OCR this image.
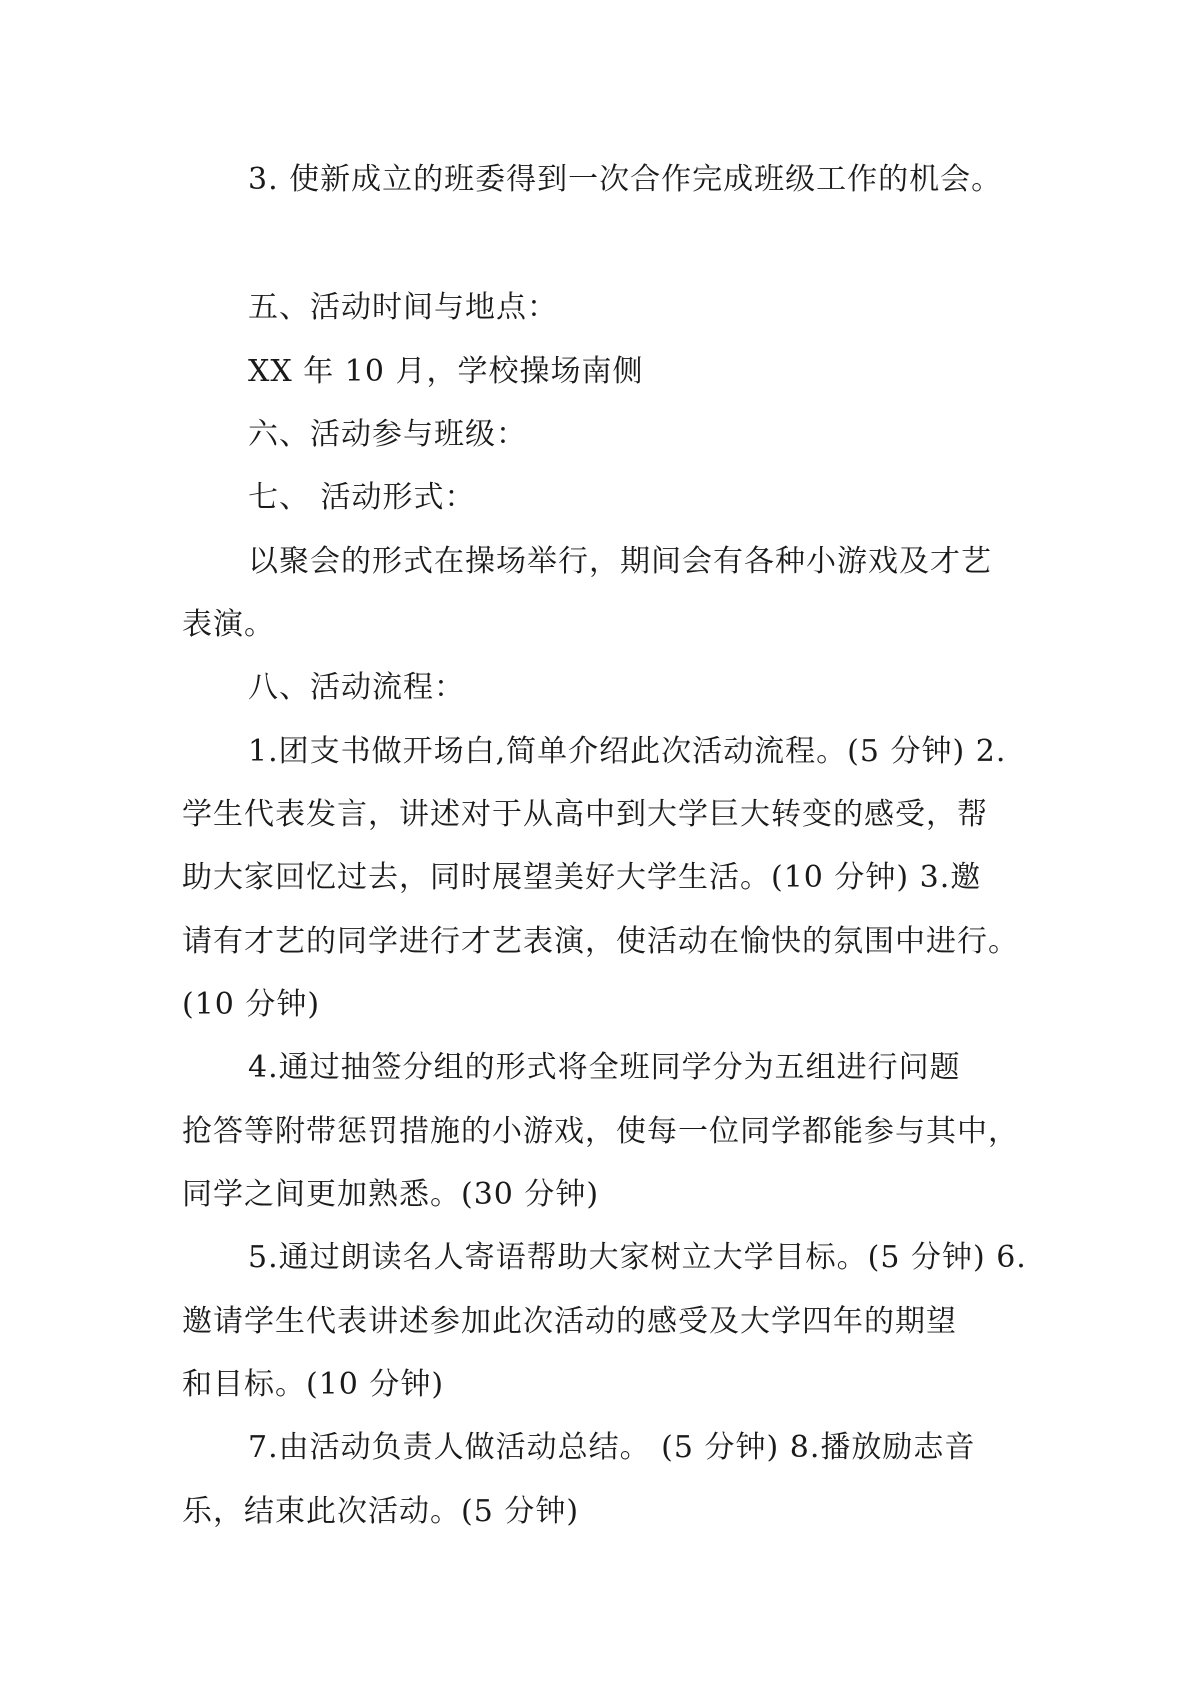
3. 使新成立的班委得到一次合作完成班级工作的机会。
五、活动时间与地点：
XX 年 10 月，学校操场南侧
六、活动参与班级：
七、 活动形式：
以聚会的形式在操场举行，期间会有各种小游戏及才艺
表演。
八、活动流程：
1.团支书做开场白,简单介绍此次活动流程。(5 分钟) 2.
学生代表发言，讲述对于从高中到大学巨大转变的感受，帮
助大家回忆过去，同时展望美好大学生活。(10 分钟) 3.邀
请有才艺的同学进行才艺表演，使活动在愉快的氛围中进行。
(10 分钟)
4.通过抽签分组的形式将全班同学分为五组进行问题
抢答等附带惩罚措施的小游戏，使每一位同学都能参与其中，
同学之间更加熟悉。(30 分钟)
5.通过朗读名人寄语帮助大家树立大学目标。(5 分钟) 6.
邀请学生代表讲述参加此次活动的感受及大学四年的期望
和目标。(10 分钟)
7.由活动负责人做活动总结。 (5 分钟) 8.播放励志音
乐，结束此次活动。(5 分钟)
